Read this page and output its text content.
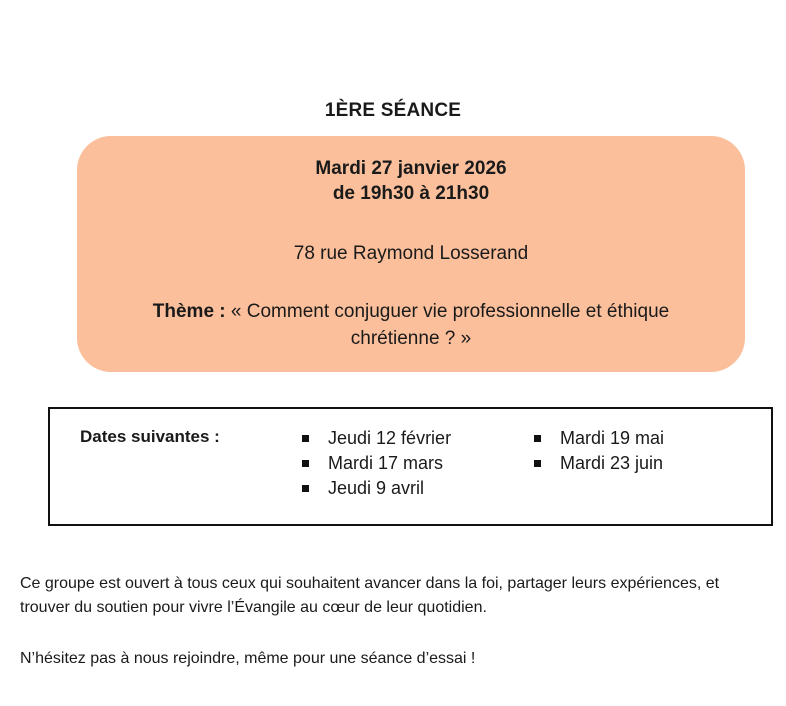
1ÈRE SÉANCE
Mardi 27 janvier 2026
de 19h30 à 21h30
78 rue Raymond Losserand
Thème : « Comment conjuguer vie professionnelle et éthique chrétienne ? »
Dates suivantes :	Jeudi 12 février
Mardi 17 mars
Jeudi 9 avril
Mardi 19 mai
Mardi 23 juin

Ce groupe est ouvert à tous ceux qui souhaitent avancer dans la foi, partager leurs expériences, et trouver du soutien pour vivre l’Évangile au cœur de leur quotidien.

N’hésitez pas à nous rejoindre, même pour une séance d’essai !
